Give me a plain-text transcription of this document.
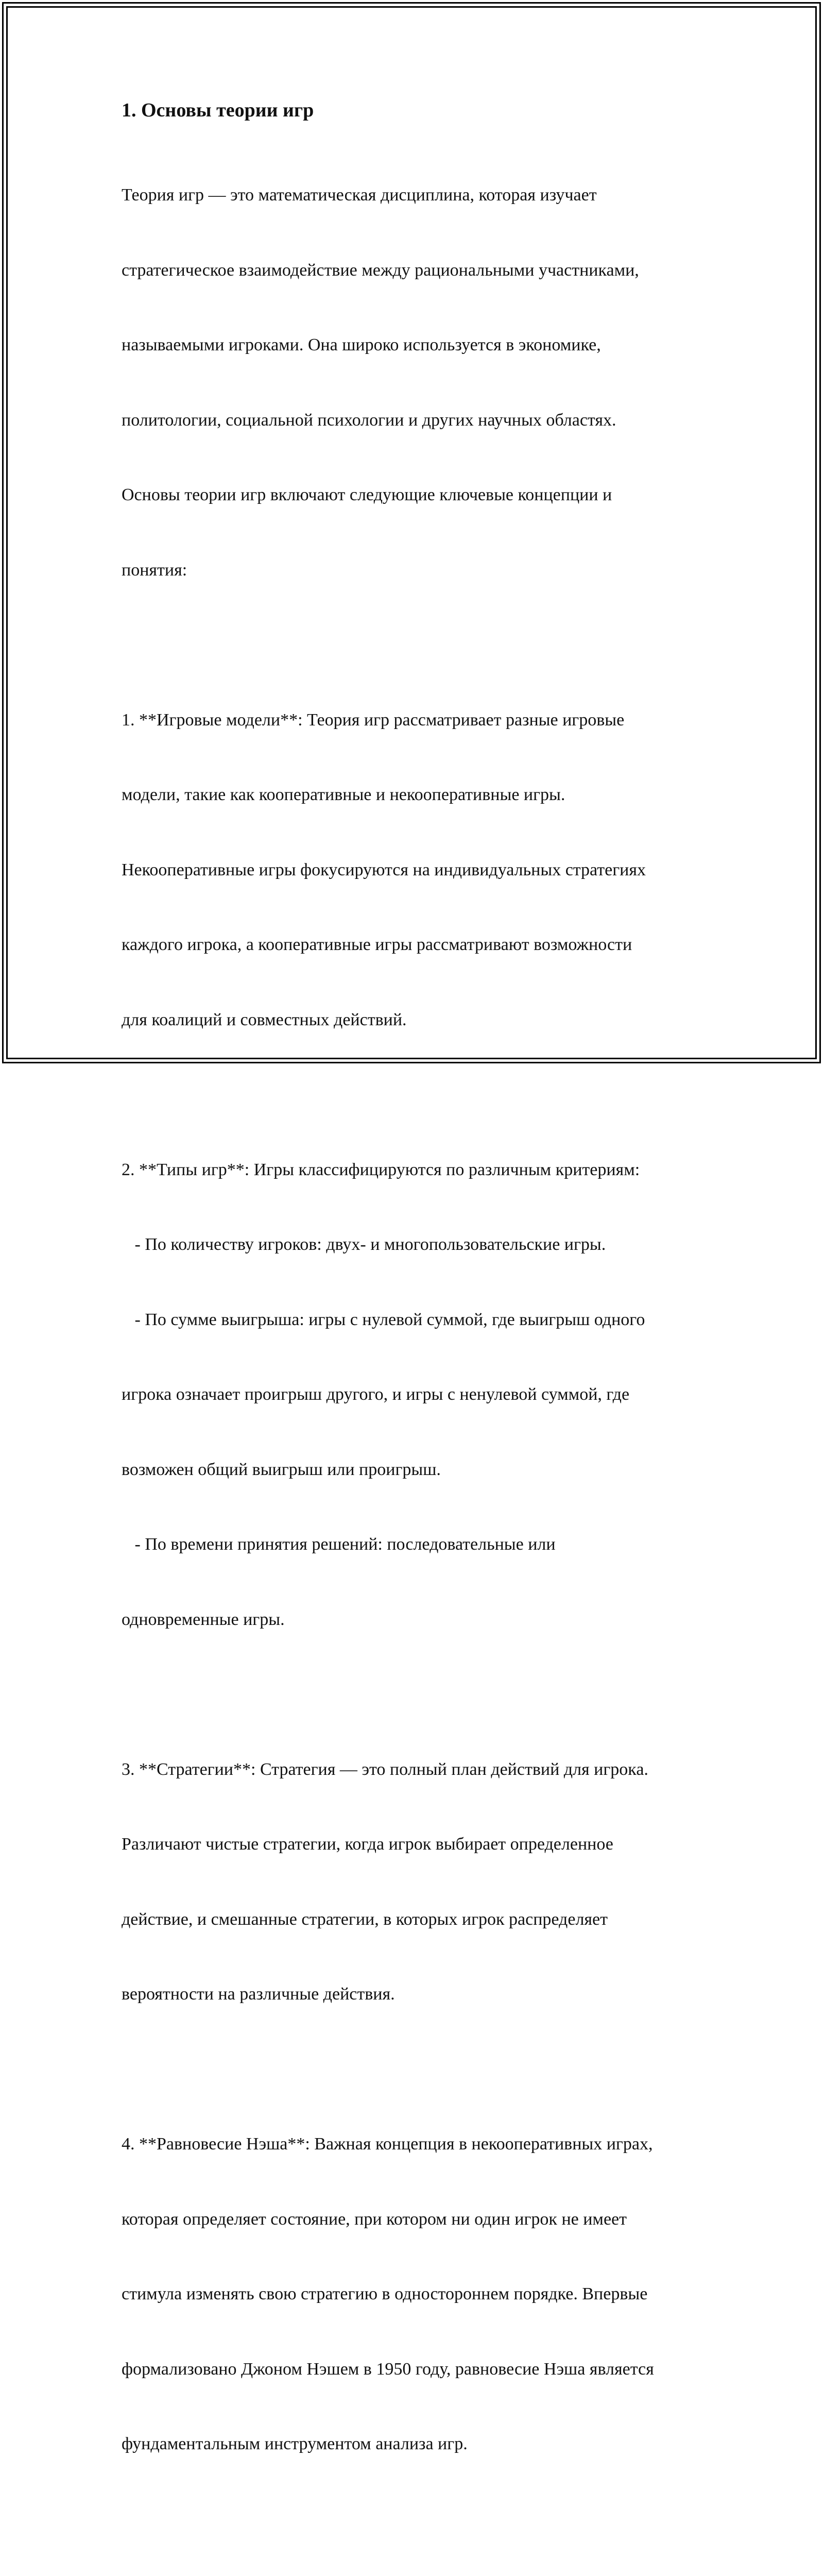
1. Основы теории игр

Теория игр — это математическая дисциплина, которая изучает

стратегическое взаимодействие между рациональными участниками,

называемыми игроками. Она широко используется в экономике,

политологии, социальной психологии и других научных областях.

Основы теории игр включают следующие ключевые концепции и

понятия:

1. **Игровые модели**: Теория игр рассматривает разные игровые

модели, такие как кооперативные и некооперативные игры.

Некооперативные игры фокусируются на индивидуальных стратегиях

каждого игрока, а кооперативные игры рассматривают возможности

для коалиций и совместных действий.

2. **Типы игр**: Игры классифицируются по различным критериям:

- По количеству игроков: двух- и многопользовательские игры.

- По сумме выигрыша: игры с нулевой суммой, где выигрыш одного

игрока означает проигрыш другого, и игры с ненулевой суммой, где

возможен общий выигрыш или проигрыш.

- По времени принятия решений: последовательные или

одновременные игры.

3. **Стратегии**: Стратегия — это полный план действий для игрока.

Различают чистые стратегии, когда игрок выбирает определенное

действие, и смешанные стратегии, в которых игрок распределяет

вероятности на различные действия.

4. **Равновесие Нэша**: Важная концепция в некооперативных играх,

которая определяет состояние, при котором ни один игрок не имеет

стимула изменять свою стратегию в одностороннем порядке. Впервые

формализовано Джоном Нэшем в 1950 году, равновесие Нэша является

фундаментальным инструментом анализа игр.
